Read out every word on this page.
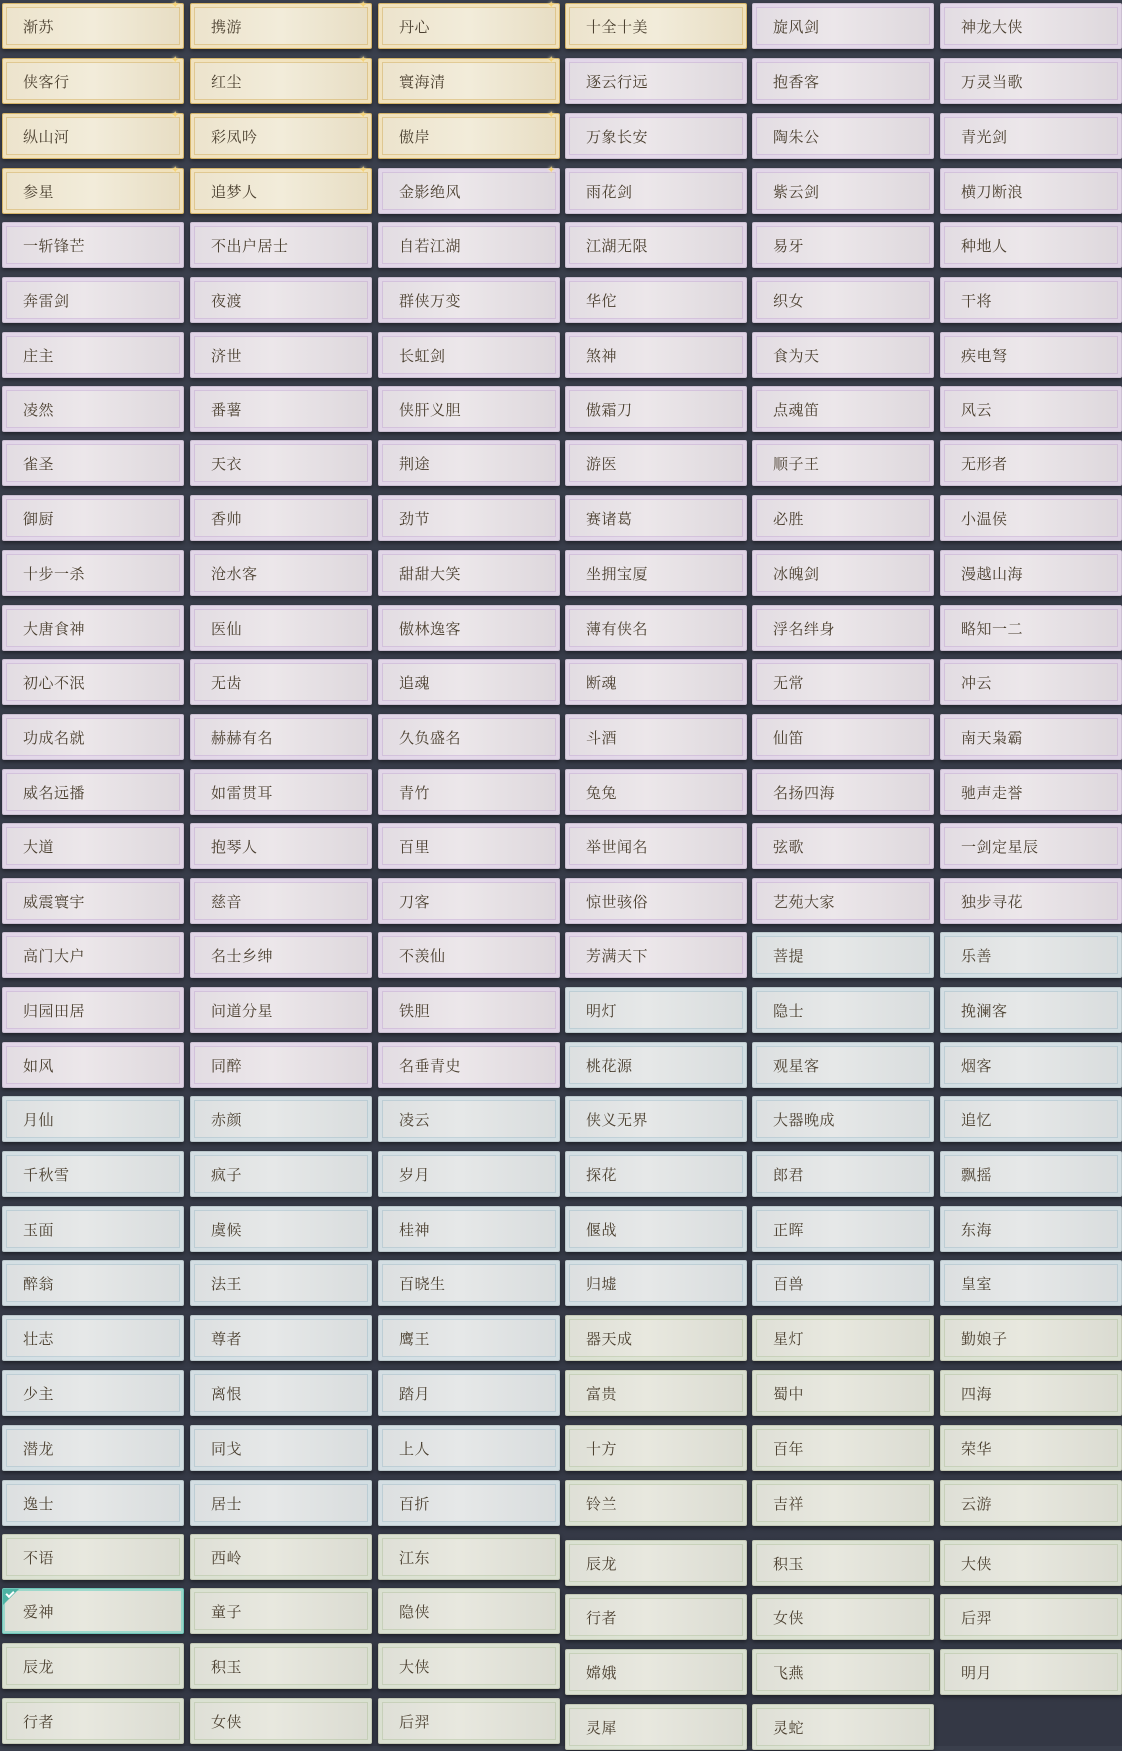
渐苏
✦
侠客行
✦
纵山河
✦
参星
✦
一斩锋芒
奔雷剑
庄主
凌然
雀圣
御厨
十步一杀
大唐食神
初心不泯
功成名就
威名远播
大道
威震寰宇
高门大户
归园田居
如风
月仙
千秋雪
玉面
醉翁
壮志
少主
潜龙
逸士
不语
爱神
辰龙
行者
携游
✦
红尘
✦
彩凤吟
✦
追梦人
✦
不出户居士
夜渡
济世
番薯
天衣
香帅
沧水客
医仙
无齿
赫赫有名
如雷贯耳
抱琴人
慈音
名士乡绅
问道分星
同醉
赤颜
疯子
虞候
法王
尊者
离恨
同戈
居士
西岭
童子
积玉
女侠
丹心
✦
寰海清
✦
傲岸
✦
金影绝风
✦
自若江湖
群侠万变
长虹剑
侠肝义胆
荆途
劲节
甜甜大笑
傲林逸客
追魂
久负盛名
青竹
百里
刀客
不羡仙
铁胆
名垂青史
凌云
岁月
桂神
百晓生
鹰王
踏月
上人
百折
江东
隐侠
大侠
后羿
十全十美
逐云行远
万象长安
雨花剑
江湖无限
华佗
煞神
傲霜刀
游医
赛诸葛
坐拥宝厦
薄有侠名
断魂
斗酒
兔兔
举世闻名
惊世骇俗
芳满天下
明灯
桃花源
侠义无界
探花
偃战
归墟
器天成
富贵
十方
铃兰
辰龙
行者
嫦娥
灵犀
旋风剑
抱香客
陶朱公
紫云剑
易牙
织女
食为天
点魂笛
顺子王
必胜
冰魄剑
浮名绊身
无常
仙笛
名扬四海
弦歌
艺苑大家
菩提
隐士
观星客
大器晚成
郎君
正晖
百兽
星灯
蜀中
百年
吉祥
积玉
女侠
飞燕
灵蛇
神龙大侠
万灵当歌
青光剑
横刀断浪
种地人
干将
疾电弩
风云
无形者
小温侯
漫越山海
略知一二
冲云
南天枭霸
驰声走誉
一剑定星辰
独步寻花
乐善
挽澜客
烟客
追忆
飘摇
东海
皇室
勤娘子
四海
荣华
云游
大侠
后羿
明月
